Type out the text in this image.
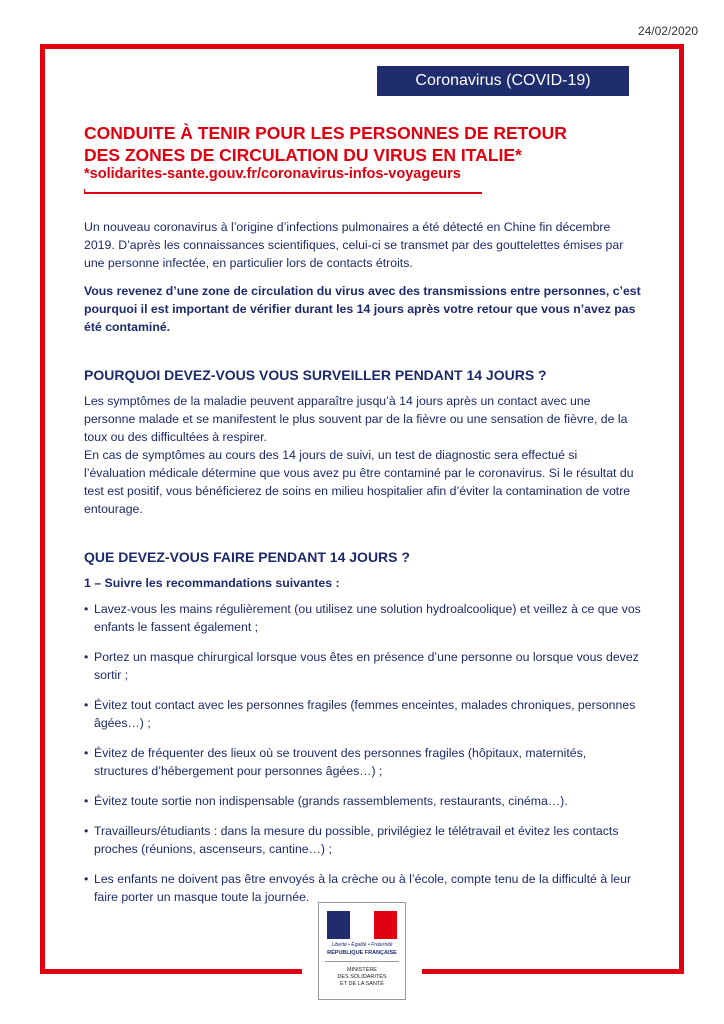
24/02/2020
Coronavirus (COVID-19)
CONDUITE À TENIR POUR LES PERSONNES DE RETOUR
DES ZONES DE CIRCULATION DU VIRUS EN ITALIE*
*solidarites-sante.gouv.fr/coronavirus-infos-voyageurs

Un nouveau coronavirus à l’origine d’infections pulmonaires a été détecté en Chine fin décembre 2019. D’après les connaissances scientifiques, celui-ci se transmet par des gouttelettes émises par une personne infectée, en particulier lors de contacts étroits.

Vous revenez d’une zone de circulation du virus avec des transmissions entre personnes, c’est pourquoi il est important de vérifier durant les 14 jours après votre retour que vous n’avez pas été contaminé.

POURQUOI DEVEZ-VOUS VOUS SURVEILLER PENDANT 14 JOURS ?

Les symptômes de la maladie peuvent apparaître jusqu’à 14 jours après un contact avec une personne malade et se manifestent le plus souvent par de la fièvre ou une sensation de fièvre, de la toux ou des difficultées à respirer.

En cas de symptômes au cours des 14 jours de suivi, un test de diagnostic sera effectué si l’évaluation médicale détermine que vous avez pu être contaminé par le coronavirus. Si le résultat du test est positif, vous bénéficierez de soins en milieu hospitalier afin d’éviter la contamination de votre entourage.

QUE DEVEZ-VOUS FAIRE PENDANT 14 JOURS ?

1 – Suivre les recommandations suivantes :

• Lavez-vous les mains régulièrement (ou utilisez une solution hydroalcoolique) et veillez à ce que vos enfants le fassent également ;
• Portez un masque chirurgical lorsque vous êtes en présence d’une personne ou lorsque vous devez sortir ;
• Évitez tout contact avec les personnes fragiles (femmes enceintes, malades chroniques, personnes âgées…) ;
• Évitez de fréquenter des lieux où se trouvent des personnes fragiles (hôpitaux, maternités, structures d’hébergement pour personnes âgées…) ;
• Évitez toute sortie non indispensable (grands rassemblements, restaurants, cinéma…).
• Travailleurs/étudiants : dans la mesure du possible, privilégiez le télétravail et évitez les contacts proches (réunions, ascenseurs, cantine…) ;
• Les enfants ne doivent pas être envoyés à la crèche ou à l’école, compte tenu de la difficulté à leur faire porter un masque toute la journée.
Liberté • Égalité • Fraternité
RÉPUBLIQUE FRANÇAISE
MINISTÈRE
DES SOLIDARITÉS
ET DE LA SANTÉ
